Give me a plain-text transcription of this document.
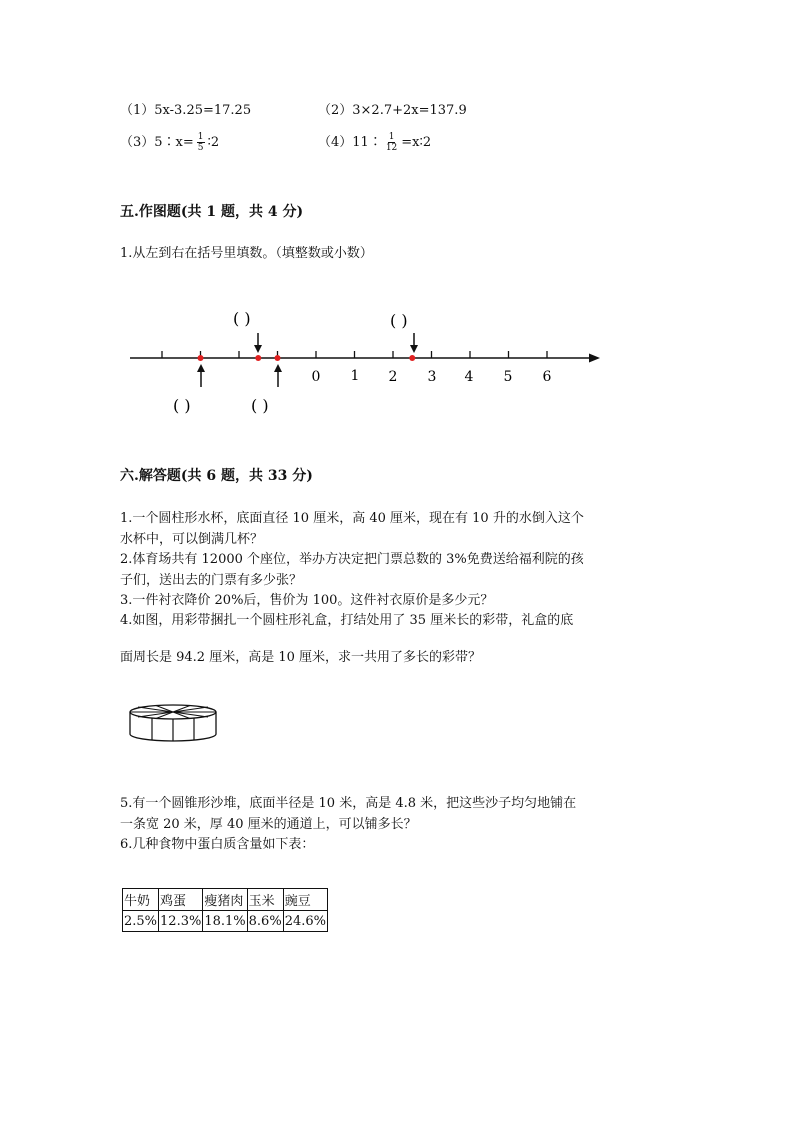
（1）5x-3.25=17.25	（2）3×2.7+2x=137.9
（3）5∶x= $\frac{1}{5}$ ∶2	（4）11∶ $\frac{1}{12}$ =x∶2
五.作图题(共 1 题，共 4 分)
1.从左到右在括号里填数。（填整数或小数）
0 1 2 3 4 5 6
( )	( )
( )	( )
六.解答题(共 6 题，共 33 分)
1.一个圆柱形水杯，底面直径 10 厘米，高 40 厘米，现在有 10 升的水倒入这个
水杯中，可以倒满几杯？
2.体育场共有 12000 个座位，举办方决定把门票总数的 3%免费送给福利院的孩
子们，送出去的门票有多少张？
3.一件衬衣降价 20%后，售价为 100。这件衬衣原价是多少元？
4.如图，用彩带捆扎一个圆柱形礼盒，打结处用了 35 厘米长的彩带，礼盒的底
面周长是 94.2 厘米，高是 10 厘米，求一共用了多长的彩带？
5.有一个圆锥形沙堆，底面半径是 10 米，高是 4.8 米，把这些沙子均匀地铺在
一条宽 20 米，厚 40 厘米的通道上，可以铺多长？
6.几种食物中蛋白质含量如下表：
牛奶	鸡蛋	瘦猪肉	玉米	豌豆
2.5%	12.3%	18.1%	8.6%	24.6%
